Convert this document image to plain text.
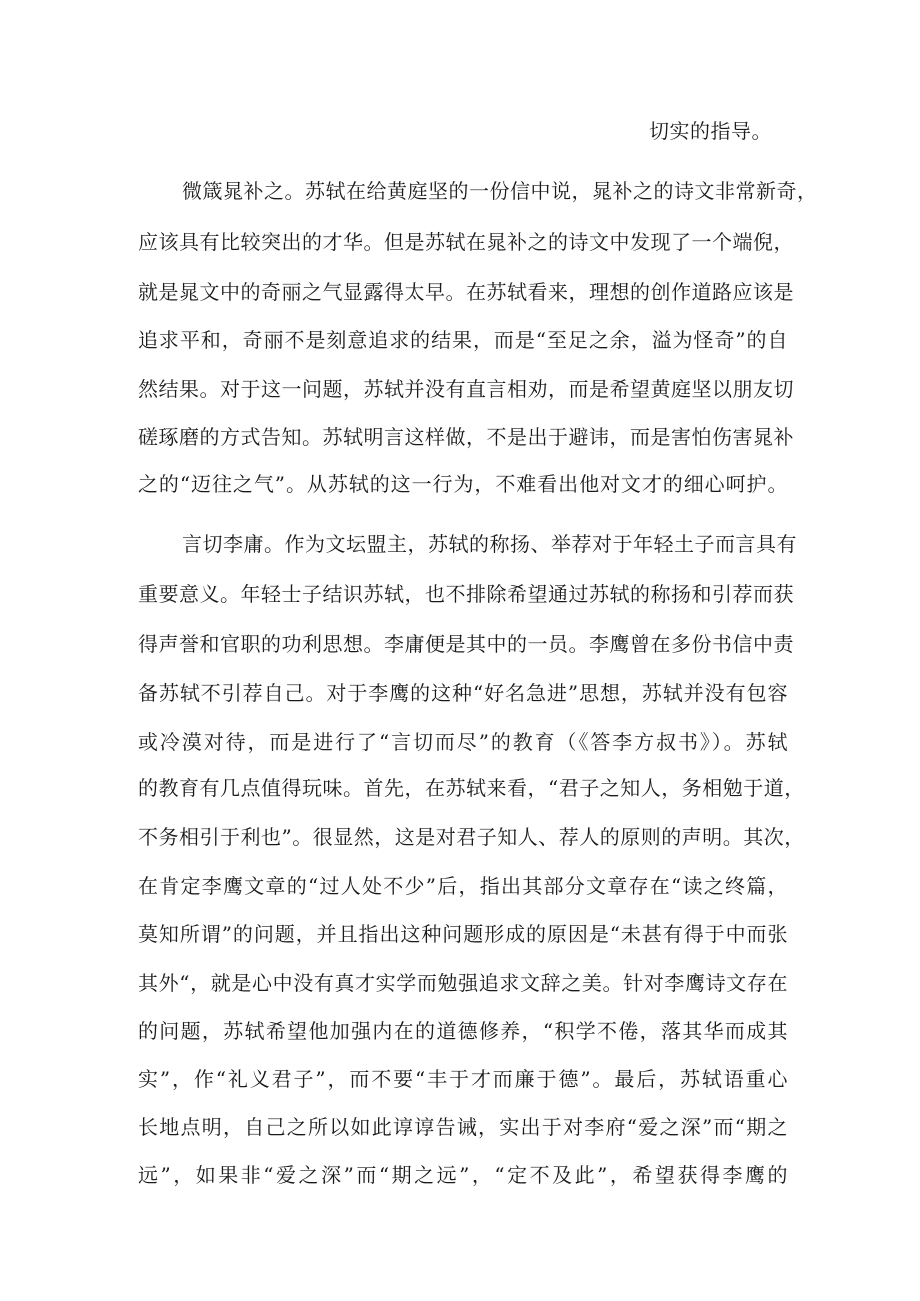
切实的指导。
微箴晁补之。苏轼在给黄庭坚的一份信中说，晁补之的诗文非常新奇，
应该具有比较突出的才华。但是苏轼在晁补之的诗文中发现了一个端倪，
就是晁文中的奇丽之气显露得太早。在苏轼看来，理想的创作道路应该是
追求平和，奇丽不是刻意追求的结果，而是“至足之余，溢为怪奇”的自
然结果。对于这一问题，苏轼并没有直言相劝，而是希望黄庭坚以朋友切
磋琢磨的方式告知。苏轼明言这样做，不是出于避讳，而是害怕伤害晁补
之的“迈往之气”。从苏轼的这一行为，不难看出他对文才的细心呵护。
言切李庸。作为文坛盟主，苏轼的称扬、举荐对于年轻土子而言具有
重要意义。年轻士子结识苏轼，也不排除希望通过苏轼的称扬和引荐而获
得声誉和官职的功利思想。李庸便是其中的一员。李鹰曾在多份书信中责
备苏轼不引荐自己。对于李鹰的这种“好名急进”思想，苏轼并没有包容
或冷漠对待，而是进行了“言切而尽”的教育（《答李方叔书》）。苏轼
的教育有几点值得玩味。首先，在苏轼来看，“君子之知人，务相勉于道，
不务相引于利也”。很显然，这是对君子知人、荐人的原则的声明。其次，
在肯定李鹰文章的“过人处不少”后，指出其部分文章存在“读之终篇，
莫知所谓”的问题，并且指出这种问题形成的原因是“未甚有得于中而张
其外“，就是心中没有真才实学而勉强追求文辞之美。针对李鹰诗文存在
的问题，苏轼希望他加强内在的道德修养，“积学不倦，落其华而成其
实”，作“礼义君子”，而不要“丰于才而廉于德”。最后，苏轼语重心
长地点明，自己之所以如此谆谆告诫，实出于对李府“爱之深”而“期之
远”，如果非“爱之深”而“期之远”，“定不及此”，希望获得李鹰的
